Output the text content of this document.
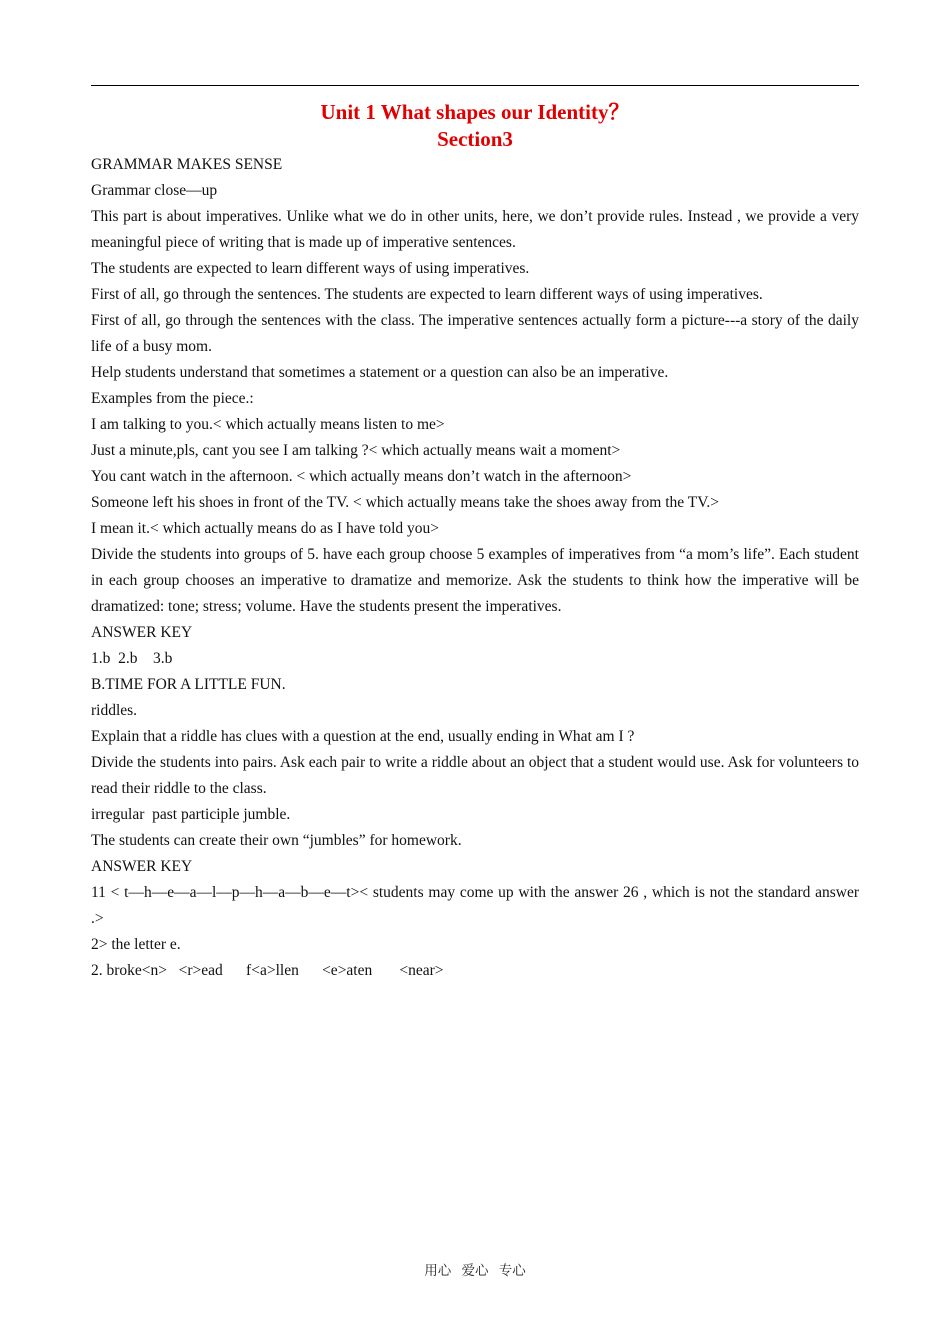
Unit 1 What shapes our Identity？
Section3

GRAMMAR MAKES SENSE

Grammar close—up

This part is about imperatives. Unlike what we do in other units, here, we don’t provide rules. Instead , we provide a very meaningful piece of writing that is made up of imperative sentences.

The students are expected to learn different ways of using imperatives.

First of all, go through the sentences. The students are expected to learn different ways of using imperatives.

First of all, go through the sentences with the class. The imperative sentences actually form a picture---a story of the daily life of a busy mom.

Help students understand that sometimes a statement or a question can also be an imperative.

Examples from the piece.:

I am talking to you.< which actually means listen to me>

Just a minute,pls, cant you see I am talking ?< which actually means wait a moment>

You cant watch in the afternoon. < which actually means don’t watch in the afternoon>

Someone left his shoes in front of the TV. < which actually means take the shoes away from the TV.>

I mean it.< which actually means do as I have told you>

Divide the students into groups of 5. have each group choose 5 examples of imperatives from “a mom’s life”. Each student in each group chooses an imperative to dramatize and memorize. Ask the students to think how the imperative will be dramatized: tone; stress; volume. Have the students present the imperatives.

ANSWER KEY

1.b  2.b    3.b

B.TIME FOR A LITTLE FUN.

riddles.

Explain that a riddle has clues with a question at the end, usually ending in What am I ?

Divide the students into pairs. Ask each pair to write a riddle about an object that a student would use. Ask for volunteers to read their riddle to the class.

irregular  past participle jumble.

The students can create their own “jumbles” for homework.

ANSWER KEY

11 < t—h—e—a—l—p—h—a—b—e—t>< students may come up with the answer 26 , which is not the standard answer .>

2> the letter e.

2. broke<n>   <r>ead      f<a>llen      <e>aten       <near>

用心 爱心 专心
